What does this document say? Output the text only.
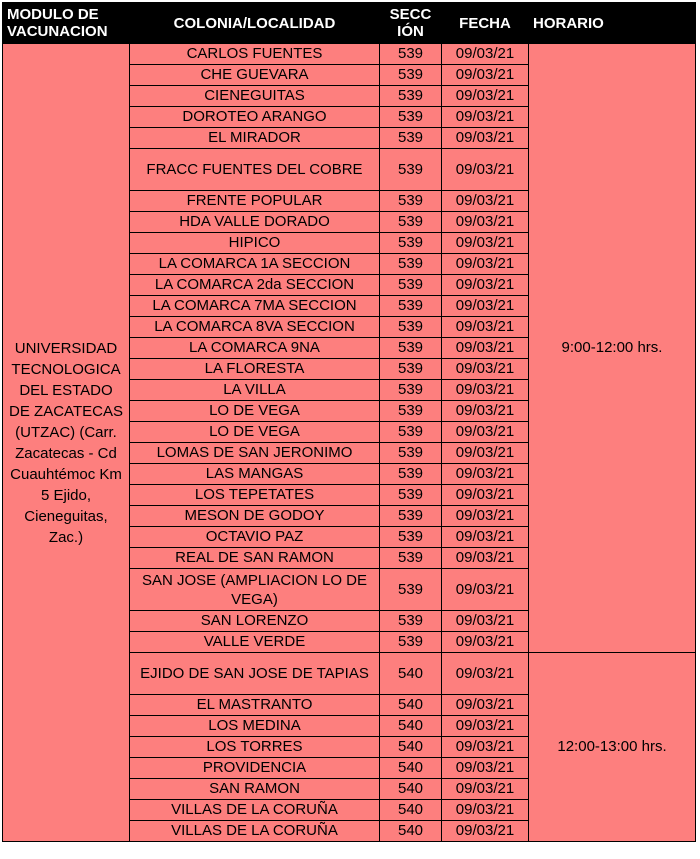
MODULO DE VACUNACION	COLONIA/LOCALIDAD	SECCIÓN	FECHA	HORARIO
UNIVERSIDAD TECNOLOGICA DEL ESTADO DE ZACATECAS (UTZAC) (Carr. Zacatecas - Cd Cuauhtémoc Km 5 Ejido, Cieneguitas, Zac.)	CARLOS FUENTES	539	09/03/21	9:00-12:00 hrs.
	CHE GUEVARA	539	09/03/21	
	CIENEGUITAS	539	09/03/21	
	DOROTEO ARANGO	539	09/03/21	
	EL MIRADOR	539	09/03/21	
	FRACC FUENTES DEL COBRE	539	09/03/21	
	FRENTE POPULAR	539	09/03/21	
	HDA VALLE DORADO	539	09/03/21	
	HIPICO	539	09/03/21	
	LA COMARCA 1A SECCION	539	09/03/21	
	LA COMARCA 2da SECCION	539	09/03/21	
	LA COMARCA 7MA SECCION	539	09/03/21	
	LA COMARCA 8VA SECCION	539	09/03/21	
	LA COMARCA 9NA	539	09/03/21	
	LA FLORESTA	539	09/03/21	
	LA VILLA	539	09/03/21	
	LO DE VEGA	539	09/03/21	
	LO DE VEGA	539	09/03/21	
	LOMAS DE SAN JERONIMO	539	09/03/21	
	LAS MANGAS	539	09/03/21	
	LOS TEPETATES	539	09/03/21	
	MESON DE GODOY	539	09/03/21	
	OCTAVIO PAZ	539	09/03/21	
	REAL DE SAN RAMON	539	09/03/21	
	SAN JOSE (AMPLIACION LO DE VEGA)	539	09/03/21	
	SAN LORENZO	539	09/03/21	
	VALLE VERDE	539	09/03/21	
	EJIDO DE SAN JOSE DE TAPIAS	540	09/03/21	12:00-13:00 hrs.
	EL MASTRANTO	540	09/03/21	
	LOS MEDINA	540	09/03/21	
	LOS TORRES	540	09/03/21	
	PROVIDENCIA	540	09/03/21	
	SAN RAMON	540	09/03/21	
	VILLAS DE LA CORUÑA	540	09/03/21	
	VILLAS DE LA CORUÑA	540	09/03/21	
